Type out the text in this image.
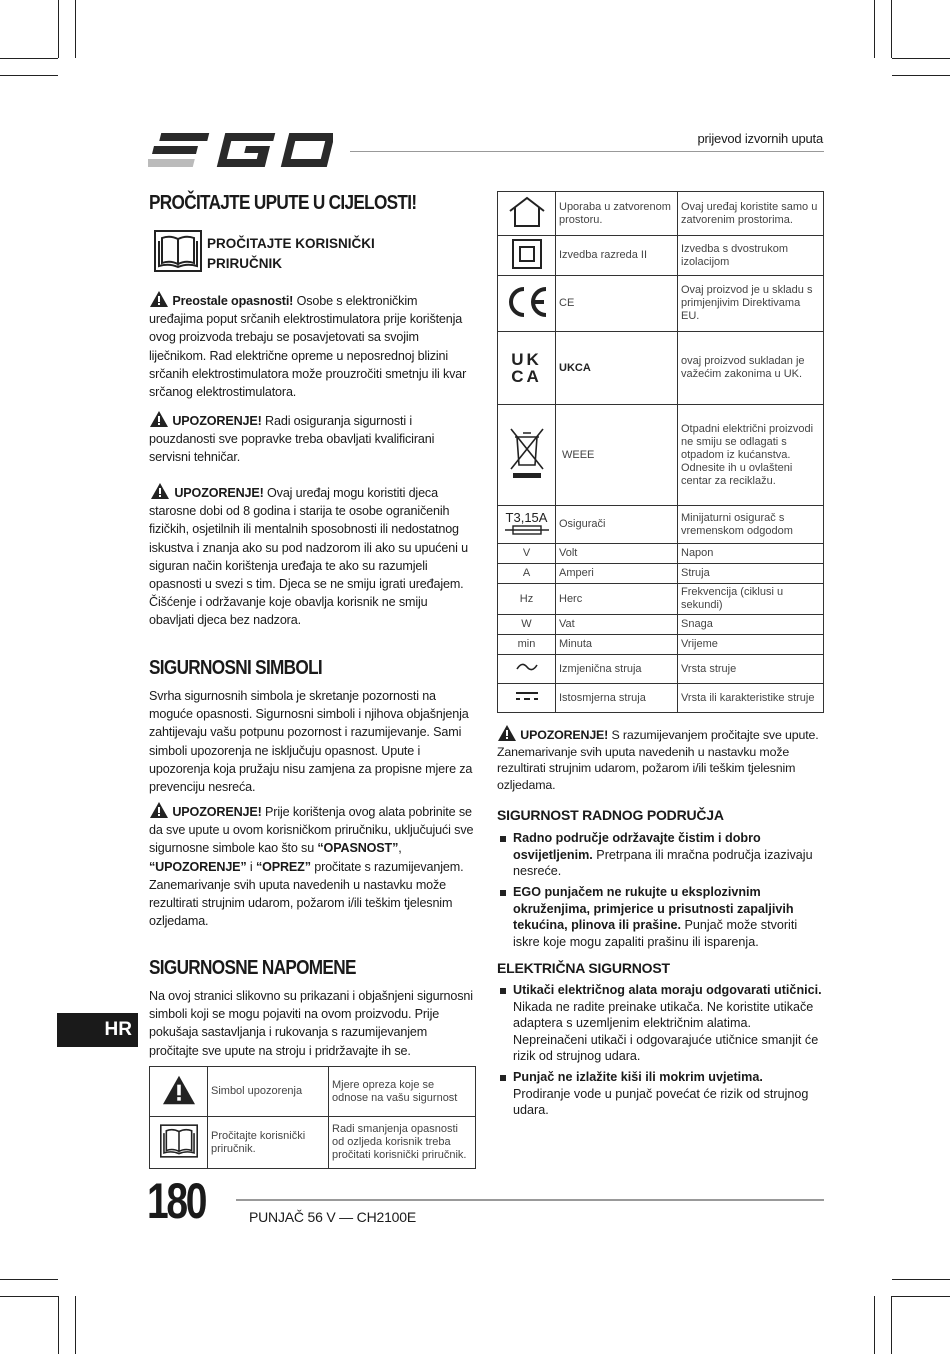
prijevod izvornih uputa
PROČITAJTE UPUTE U CIJELOSTI!
PROČITAJTE KORISNIČKI PRIRUČNIK
Preostale opasnosti! Osobe s elektroničkim uređajima poput srčanih elektrostimulatora prije korištenja ovog proizvoda trebaju se posavjetovati sa svojim liječnikom. Rad električne opreme u neposrednoj blizini srčanih elektrostimulatora može prouzročiti smetnju ili kvar srčanog elektrostimulatora.
UPOZORENJE! Radi osiguranja sigurnosti i pouzdanosti sve popravke treba obavljati kvalificirani servisni tehničar.
UPOZORENJE! Ovaj uređaj mogu koristiti djeca starosne dobi od 8 godina i starija te osobe ograničenih fizičkih, osjetilnih ili mentalnih sposobnosti ili nedostatnog iskustva i znanja ako su pod nadzorom ili ako su upućeni u siguran način korištenja uređaja te ako su razumjeli opasnosti u svezi s tim. Djeca se ne smiju igrati uređajem. Čišćenje i održavanje koje obavlja korisnik ne smiju obavljati djeca bez nadzora.
SIGURNOSNI SIMBOLI
Svrha sigurnosnih simbola je skretanje pozornosti na moguće opasnosti. Sigurnosni simboli i njihova objašnjenja zahtijevaju vašu potpunu pozornost i razumijevanje. Sami simboli upozorenja ne isključuju opasnost. Upute i upozorenja koja pružaju nisu zamjena za propisne mjere za prevenciju nesreća.
UPOZORENJE! Prije korištenja ovog alata pobrinite se da sve upute u ovom korisničkom priručniku, uključujući sve sigurnosne simbole kao što su “OPASNOST”, “UPOZORENJE” i “OPREZ” pročitate s razumijevanjem. Zanemarivanje svih uputa navedenih u nastavku može rezultirati strujnim udarom, požarom i/ili teškim tjelesnim ozljedama.
SIGURNOSNE NAPOMENE
Na ovoj stranici slikovno su prikazani i objašnjeni sigurnosni simboli koji se mogu pojaviti na ovom proizvodu. Prije pokušaja sastavljanja i rukovanja s razumijevanjem pročitajte sve upute na stroju i pridržavajte ih se.
	Simbol upozorenja	Mjere opreza koje se odnose na vašu sigurnost
	Pročitajte korisnički priručnik.	Radi smanjenja opasnosti od ozljeda korisnik treba pročitati korisnički priručnik.
HR
	Uporaba u zatvorenom prostoru.	Ovaj uređaj koristite samo u zatvorenim prostorima.
	Izvedba razreda II	Izvedba s dvostrukom izolacijom
	CE	Ovaj proizvod je u skladu s primjenjivim Direktivama EU.
UK CA	UKCA	ovaj proizvod sukladan je važećim zakonima u UK.
	WEEE	Otpadni električni proizvodi ne smiju se odlagati s otpadom iz kućanstva. Odnesite ih u ovlašteni centar za reciklažu.

T3,15A	Osigurači	Minijaturni osigurač s vremenskom odgodom
V	Volt	Napon
A	Amperi	Struja
Hz	Herc	Frekvencija (ciklusi u sekundi)
W	Vat	Snaga
min	Minuta	Vrijeme
	Izmjenična struja	Vrsta struje
	Istosmjerna struja	Vrsta ili karakteristike struje
UPOZORENJE! S razumijevanjem pročitajte sve upute. Zanemarivanje svih uputa navedenih u nastavku može rezultirati strujnim udarom, požarom i/ili teškim tjelesnim ozljedama.
SIGURNOST RADNOG PODRUČJA
Radno područje održavajte čistim i dobro osvijetljenim. Pretrpana ili mračna područja izazivaju nesreće.
EGO punjačem ne rukujte u eksplozivnim okruženjima, primjerice u prisutnosti zapaljivih tekućina, plinova ili prašine. Punjač može stvoriti iskre koje mogu zapaliti prašinu ili isparenja.
ELEKTRIČNA SIGURNOST
Utikači električnog alata moraju odgovarati utičnici. Nikada ne radite preinake utikača. Ne koristite utikače adaptera s uzemljenim električnim alatima. Nepreinačeni utikači i odgovarajuće utičnice smanjit će rizik od strujnog udara.
Punjač ne izlažite kiši ili mokrim uvjetima. Prodiranje vode u punjač povećat će rizik od strujnog udara.
180	PUNJAČ 56 V — CH2100E
